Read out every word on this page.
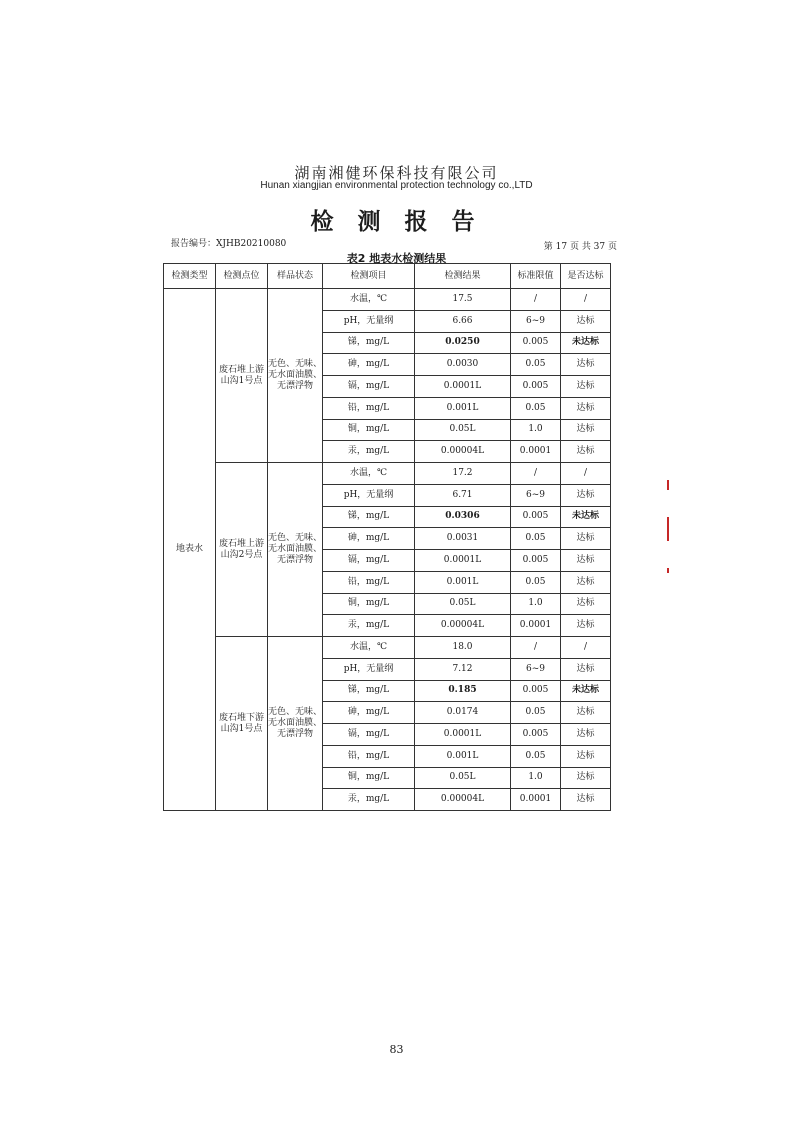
湖南湘健环保科技有限公司
Hunan xiangjian environmental protection technology co.,LTD
检 测 报 告
报告编号：XJHB20210080	第 17 页 共 37 页
表2 地表水检测结果
检测类型	检测点位	样品状态	检测项目	检测结果	标准限值	是否达标
地表水	废石堆上游山沟1号点	无色、无味、无水面油膜、无漂浮物	水温，℃	17.5	/	/
			pH，无量纲	6.66	6~9	达标
			锑，mg/L	0.0250	0.005	未达标
			砷，mg/L	0.0030	0.05	达标
			镉，mg/L	0.0001L	0.005	达标
			铅，mg/L	0.001L	0.05	达标
			铜，mg/L	0.05L	1.0	达标
			汞，mg/L	0.00004L	0.0001	达标
	废石堆上游山沟2号点	无色、无味、无水面油膜、无漂浮物	水温，℃	17.2	/	/
			pH，无量纲	6.71	6~9	达标
			锑，mg/L	0.0306	0.005	未达标
			砷，mg/L	0.0031	0.05	达标
			镉，mg/L	0.0001L	0.005	达标
			铅，mg/L	0.001L	0.05	达标
			铜，mg/L	0.05L	1.0	达标
			汞，mg/L	0.00004L	0.0001	达标
	废石堆下游山沟1号点	无色、无味、无水面油膜、无漂浮物	水温，℃	18.0	/	/
			pH，无量纲	7.12	6~9	达标
			锑，mg/L	0.185	0.005	未达标
			砷，mg/L	0.0174	0.05	达标
			镉，mg/L	0.0001L	0.005	达标
			铅，mg/L	0.001L	0.05	达标
			铜，mg/L	0.05L	1.0	达标
			汞，mg/L	0.00004L	0.0001	达标
83
